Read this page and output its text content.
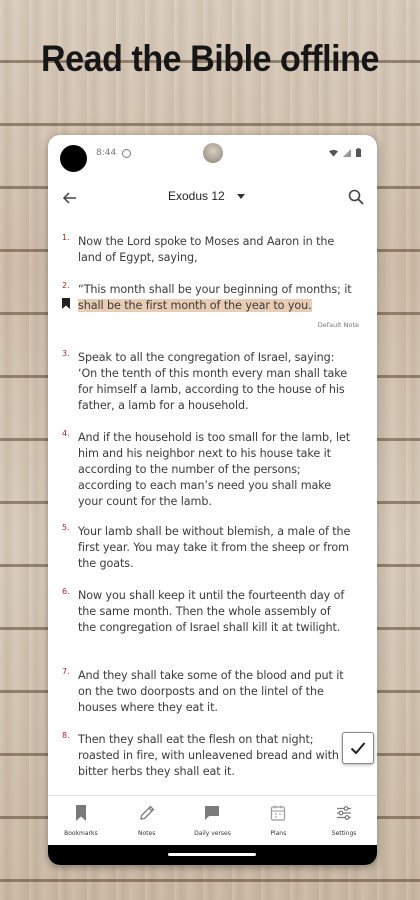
Read the Bible offline
8:44

Exodus 12
1. Now the Lord spoke to Moses and Aaron in the land of Egypt, saying,
2. “This month shall be your beginning of months; it shall be the first month of the year to you.
Default Note
3. Speak to all the congregation of Israel, saying: ‘On the tenth of this month every man shall take for himself a lamb, according to the house of his father, a lamb for a household.
4. And if the household is too small for the lamb, let him and his neighbor next to his house take it according to the number of the persons; according to each man’s need you shall make your count for the lamb.
5. Your lamb shall be without blemish, a male of the first year. You may take it from the sheep or from the goats.
6. Now you shall keep it until the fourteenth day of the same month. Then the whole assembly of the congregation of Israel shall kill it at twilight.
7. And they shall take some of the blood and put it on the two doorposts and on the lintel of the houses where they eat it.
8. Then they shall eat the flesh on that night; roasted in fire, with unleavened bread and with bitter herbs they shall eat it.
Bookmarks	Notes	Daily verses	Plans	Settings
